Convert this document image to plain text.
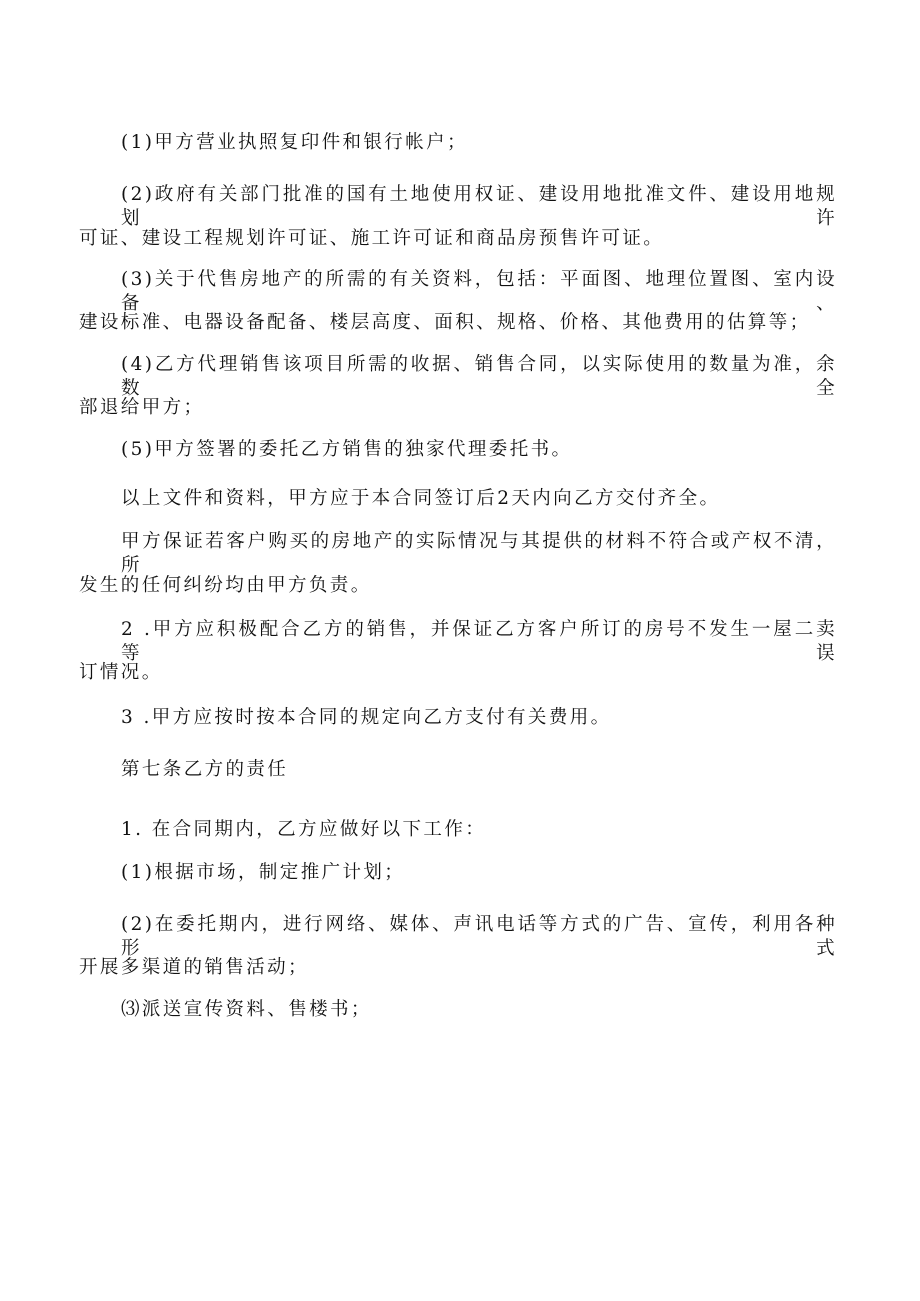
(1)甲方营业执照复印件和银行帐户；

(2)政府有关部门批准的国有土地使用权证、建设用地批准文件、建设用地规划许

可证、建设工程规划许可证、施工许可证和商品房预售许可证。

(3)关于代售房地产的所需的有关资料，包括：平面图、地理位置图、室内设备、

建设标准、电器设备配备、楼层高度、面积、规格、价格、其他费用的估算等；

(4)乙方代理销售该项目所需的收据、销售合同，以实际使用的数量为准，余数全

部退给甲方；

(5)甲方签署的委托乙方销售的独家代理委托书。

以上文件和资料，甲方应于本合同签订后2天内向乙方交付齐全。

甲方保证若客户购买的房地产的实际情况与其提供的材料不符合或产权不清，所

发生的任何纠纷均由甲方负责。

2 .甲方应积极配合乙方的销售，并保证乙方客户所订的房号不发生一屋二卖等误

订情况。

3 .甲方应按时按本合同的规定向乙方支付有关费用。

第七条乙方的责任

1. 在合同期内，乙方应做好以下工作：

(1)根据市场，制定推广计划；

(2)在委托期内，进行网络、媒体、声讯电话等方式的广告、宣传，利用各种形式

开展多渠道的销售活动；

⑶派送宣传资料、售楼书；
